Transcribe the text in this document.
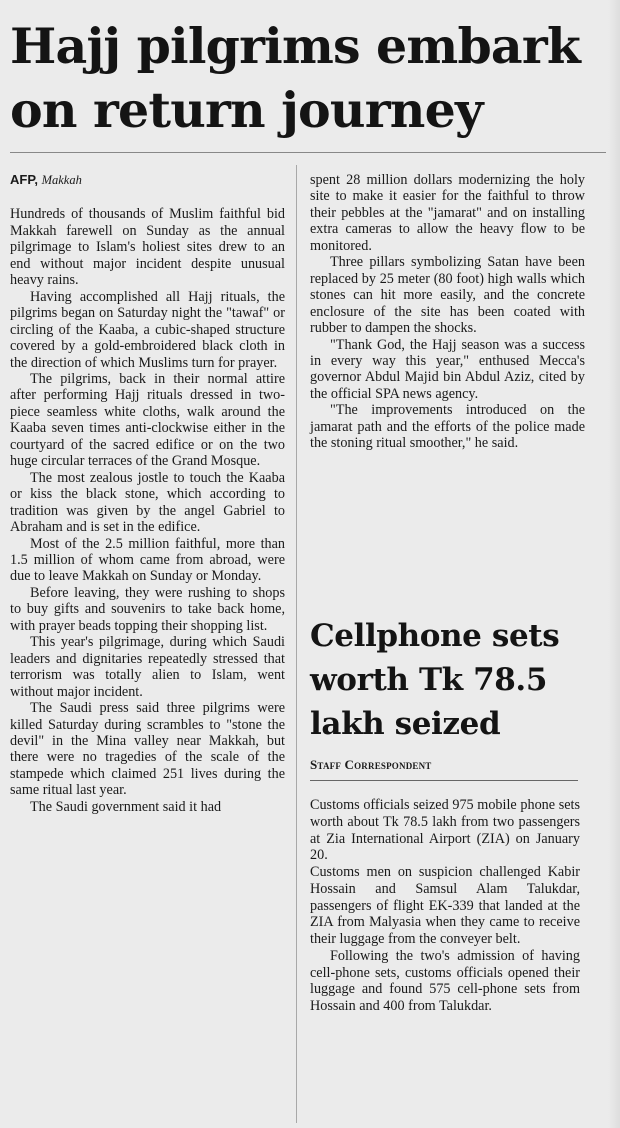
Hajj pilgrims embark
on return journey
AFP, Makkah

Hundreds of thousands of Muslim faithful bid Makkah farewell on Sunday as the annual pilgrimage to Islam's holiest sites drew to an end without major incident despite unusual heavy rains.

Having accomplished all Hajj rituals, the pilgrims began on Saturday night the "tawaf" or circling of the Kaaba, a cubic-shaped structure covered by a gold-embroidered black cloth in the direction of which Muslims turn for prayer.

The pilgrims, back in their normal attire after performing Hajj rituals dressed in two-piece seamless white cloths, walk around the Kaaba seven times anti-clockwise either in the courtyard of the sacred edifice or on the two huge circular terraces of the Grand Mosque.

The most zealous jostle to touch the Kaaba or kiss the black stone, which according to tradition was given by the angel Gabriel to Abraham and is set in the edifice.

Most of the 2.5 million faithful, more than 1.5 million of whom came from abroad, were due to leave Makkah on Sunday or Monday.

Before leaving, they were rushing to shops to buy gifts and souvenirs to take back home, with prayer beads topping their shopping list.

This year's pilgrimage, during which Saudi leaders and dignitaries repeatedly stressed that terrorism was totally alien to Islam, went without major incident.

The Saudi press said three pilgrims were killed Saturday during scrambles to "stone the devil" in the Mina valley near Makkah, but there were no tragedies of the scale of the stampede which claimed 251 lives during the same ritual last year.

The Saudi government said it had

spent 28 million dollars modernizing the holy site to make it easier for the faithful to throw their pebbles at the "jamarat" and on installing extra cameras to allow the heavy flow to be monitored.

Three pillars symbolizing Satan have been replaced by 25 meter (80 foot) high walls which stones can hit more easily, and the concrete enclosure of the site has been coated with rubber to dampen the shocks.

"Thank God, the Hajj season was a success in every way this year," enthused Mecca's governor Abdul Majid bin Abdul Aziz, cited by the official SPA news agency.

"The improvements introduced on the jamarat path and the efforts of the police made the stoning ritual smoother," he said.

Cellphone sets
worth Tk 78.5
lakh seized
Staff Correspondent

Customs officials seized 975 mobile phone sets worth about Tk 78.5 lakh from two passengers at Zia International Airport (ZIA) on January 20.

Customs men on suspicion challenged Kabir Hossain and Samsul Alam Talukdar, passengers of flight EK-339 that landed at the ZIA from Malyasia when they came to receive their luggage from the conveyer belt.

Following the two's admission of having cell-phone sets, customs officials opened their luggage and found 575 cell-phone sets from Hossain and 400 from Talukdar.
